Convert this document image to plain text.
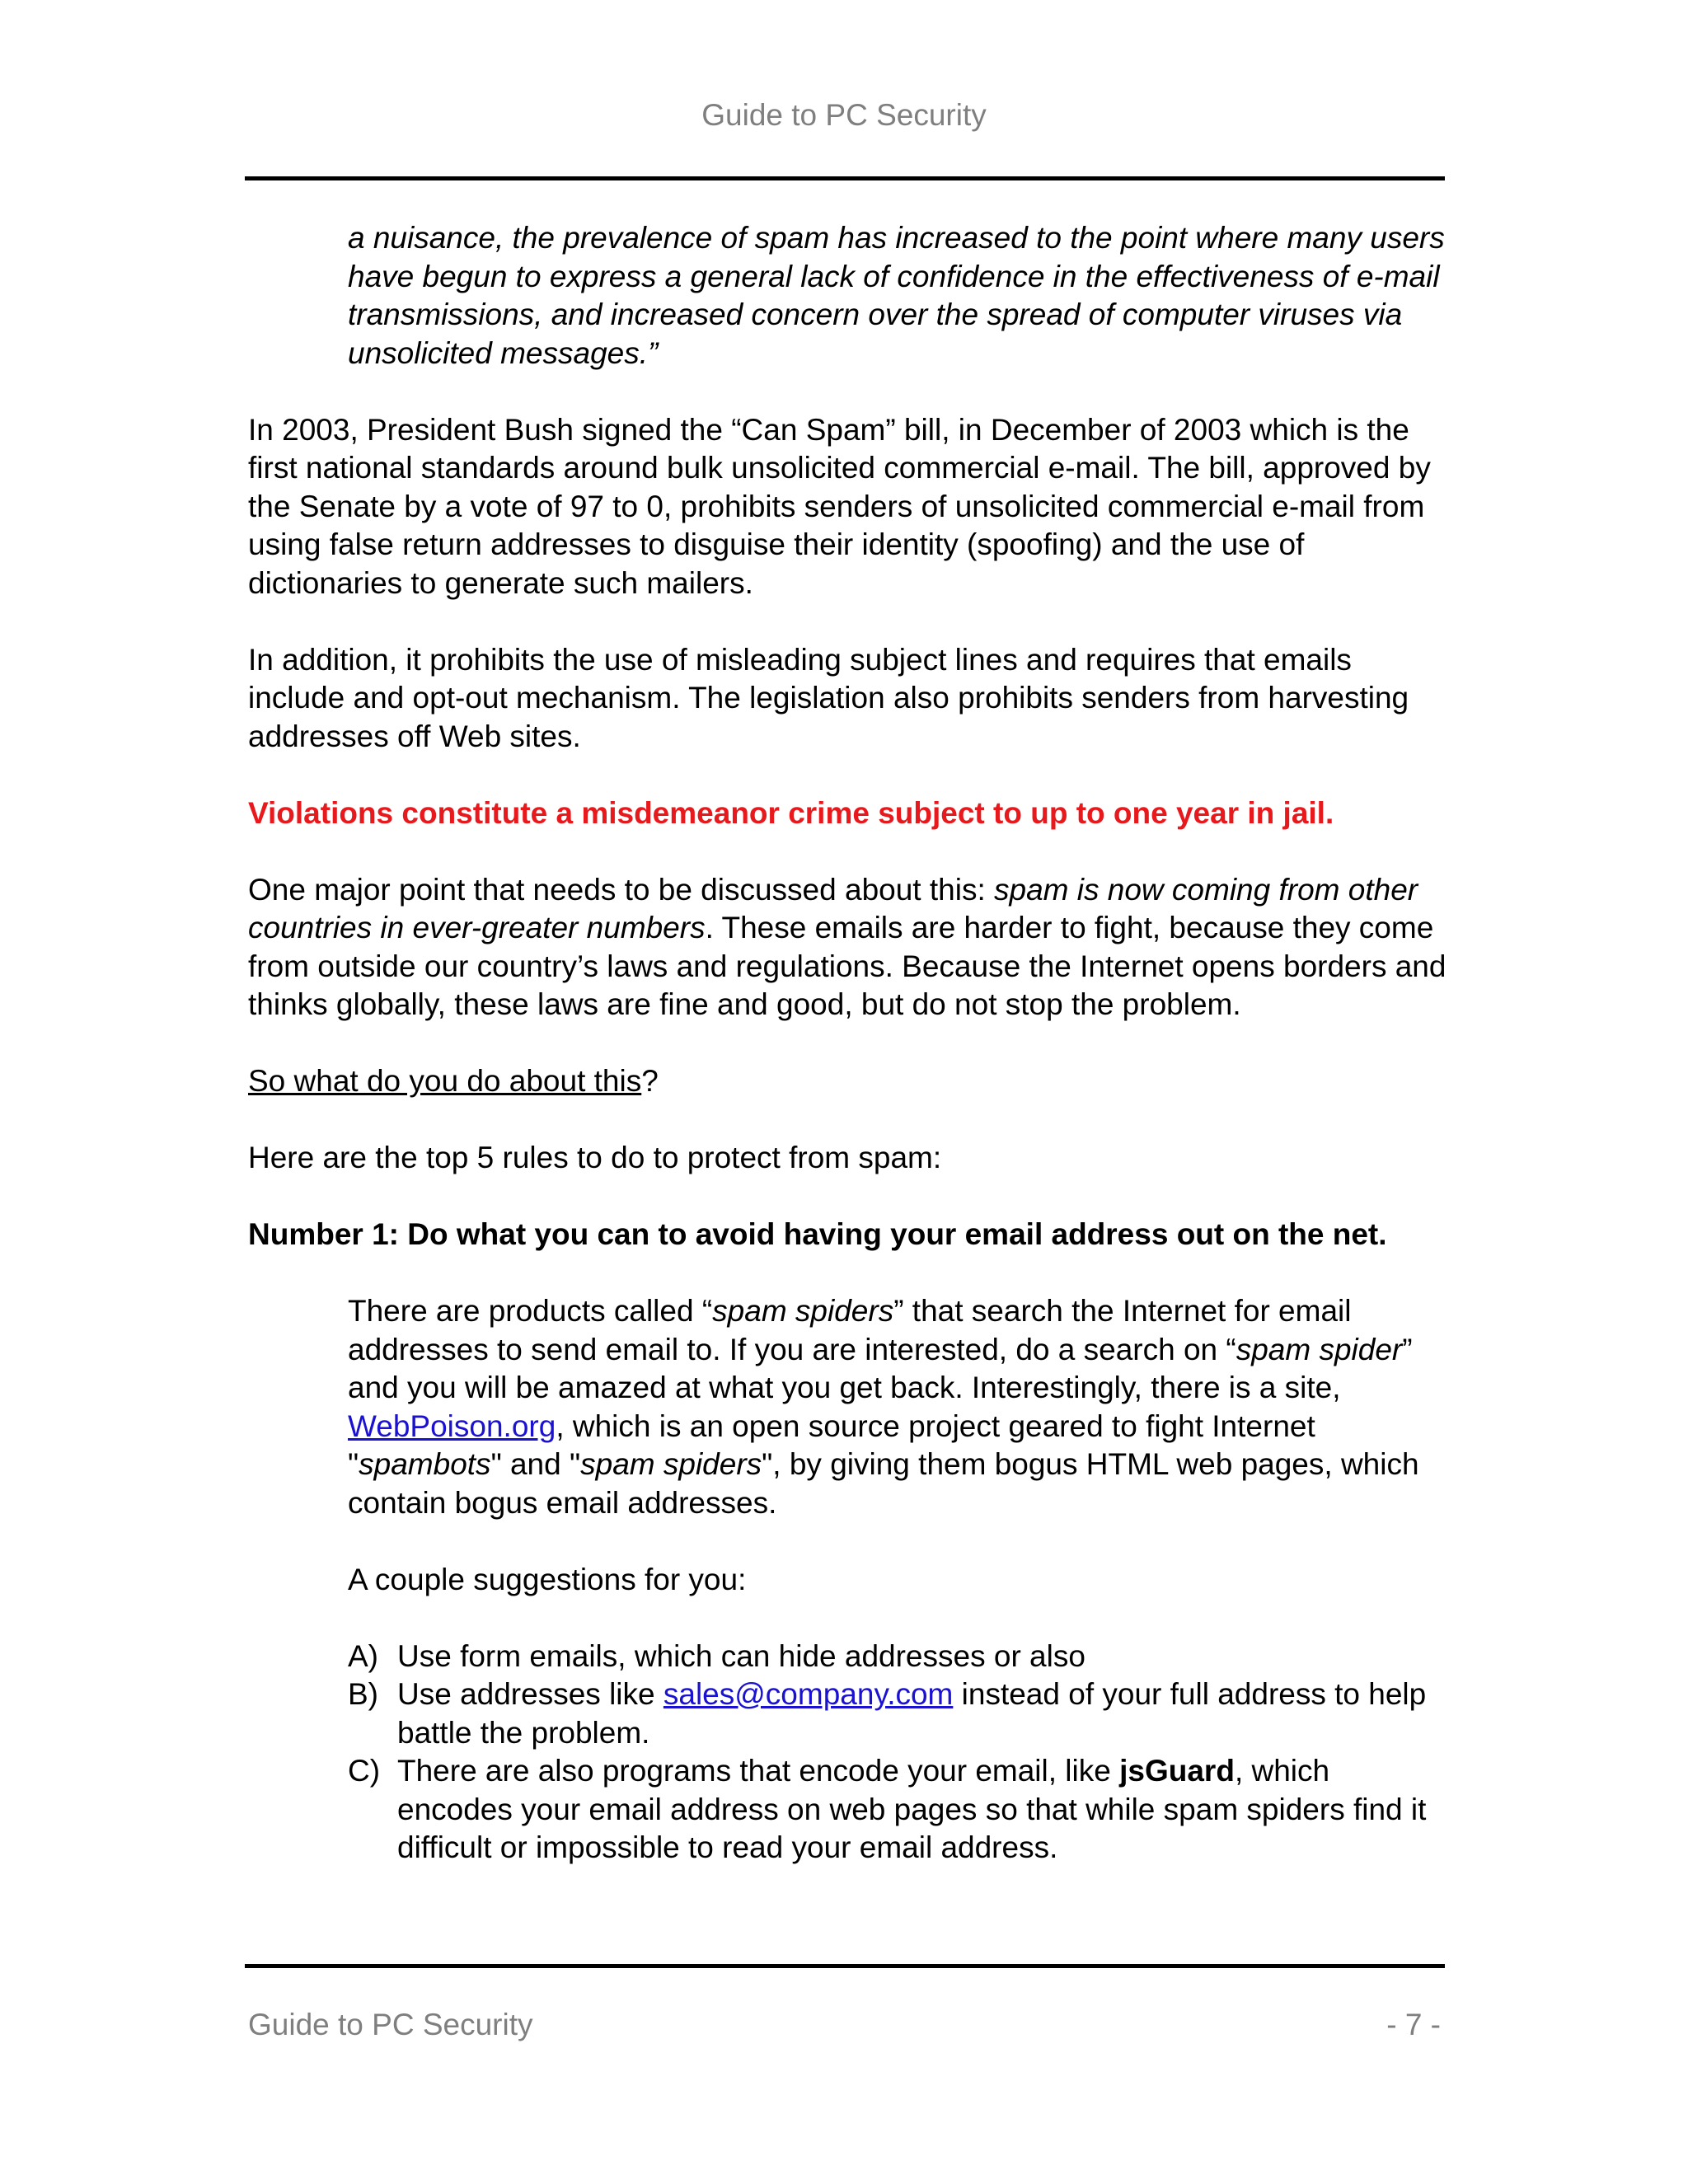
Guide to PC Security

a nuisance, the prevalence of spam has increased to the point where many users have begun to express a general lack of confidence in the effectiveness of e-mail transmissions, and increased concern over the spread of computer viruses via unsolicited messages.”

In 2003, President Bush signed the “Can Spam” bill, in December of 2003 which is the first national standards around bulk unsolicited commercial e-mail. The bill, approved by the Senate by a vote of 97 to 0, prohibits senders of unsolicited commercial e-mail from using false return addresses to disguise their identity (spoofing) and the use of dictionaries to generate such mailers.

In addition, it prohibits the use of misleading subject lines and requires that emails include and opt-out mechanism. The legislation also prohibits senders from harvesting addresses off Web sites.

Violations constitute a misdemeanor crime subject to up to one year in jail.

One major point that needs to be discussed about this: spam is now coming from other countries in ever-greater numbers. These emails are harder to fight, because they come from outside our country’s laws and regulations. Because the Internet opens borders and thinks globally, these laws are fine and good, but do not stop the problem.

So what do you do about this?

Here are the top 5 rules to do to protect from spam:

Number 1: Do what you can to avoid having your email address out on the net.

There are products called “spam spiders” that search the Internet for email addresses to send email to. If you are interested, do a search on “spam spider” and you will be amazed at what you get back. Interestingly, there is a site, WebPoison.org, which is an open source project geared to fight Internet "spambots" and "spam spiders", by giving them bogus HTML web pages, which contain bogus email addresses.

A couple suggestions for you:

A) Use form emails, which can hide addresses or also
B) Use addresses like sales@company.com instead of your full address to help battle the problem.
C) There are also programs that encode your email, like jsGuard, which encodes your email address on web pages so that while spam spiders find it difficult or impossible to read your email address.
Guide to PC Security	- 7 -
